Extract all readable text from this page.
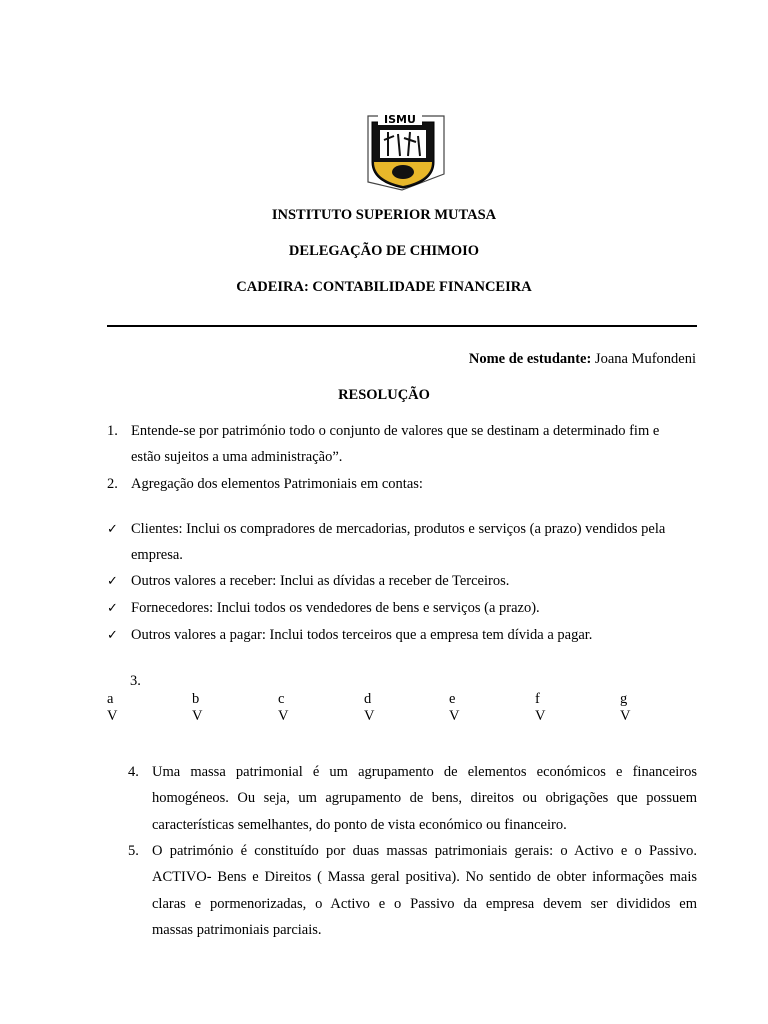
ISMU
INSTITUTO SUPERIOR MUTASA
DELEGAÇÃO DE CHIMOIO
CADEIRA: CONTABILIDADE FINANCEIRA
Nome de estudante: Joana Mufondeni
RESOLUÇÃO
1. Entende-se por património todo o conjunto de valores que se destinam a determinado fim e
estão sujeitos a uma administração”.
2. Agregação dos elementos Patrimoniais em contas:
✓ Clientes: Inclui os compradores de mercadorias, produtos e serviços (a prazo) vendidos pela
empresa.
✓ Outros valores a receber: Inclui as dívidas a receber de Terceiros.
✓ Fornecedores: Inclui todos os vendedores de bens e serviços (a prazo).
✓ Outros valores a pagar: Inclui todos terceiros que a empresa tem dívida a pagar.
3.
a	b	c	d	e	f	g
V	V	V	V	V	V	V
4. Uma massa patrimonial é um agrupamento de elementos económicos e financeiros
homogéneos. Ou seja, um agrupamento de bens, direitos ou obrigações que possuem
características semelhantes, do ponto de vista económico ou financeiro.
5. O património é constituído por duas massas patrimoniais gerais: o Activo e o Passivo.
ACTIVO- Bens e Direitos ( Massa geral positiva). No sentido de obter informações mais
claras e pormenorizadas, o Activo e o Passivo da empresa devem ser divididos em
massas patrimoniais parciais.
